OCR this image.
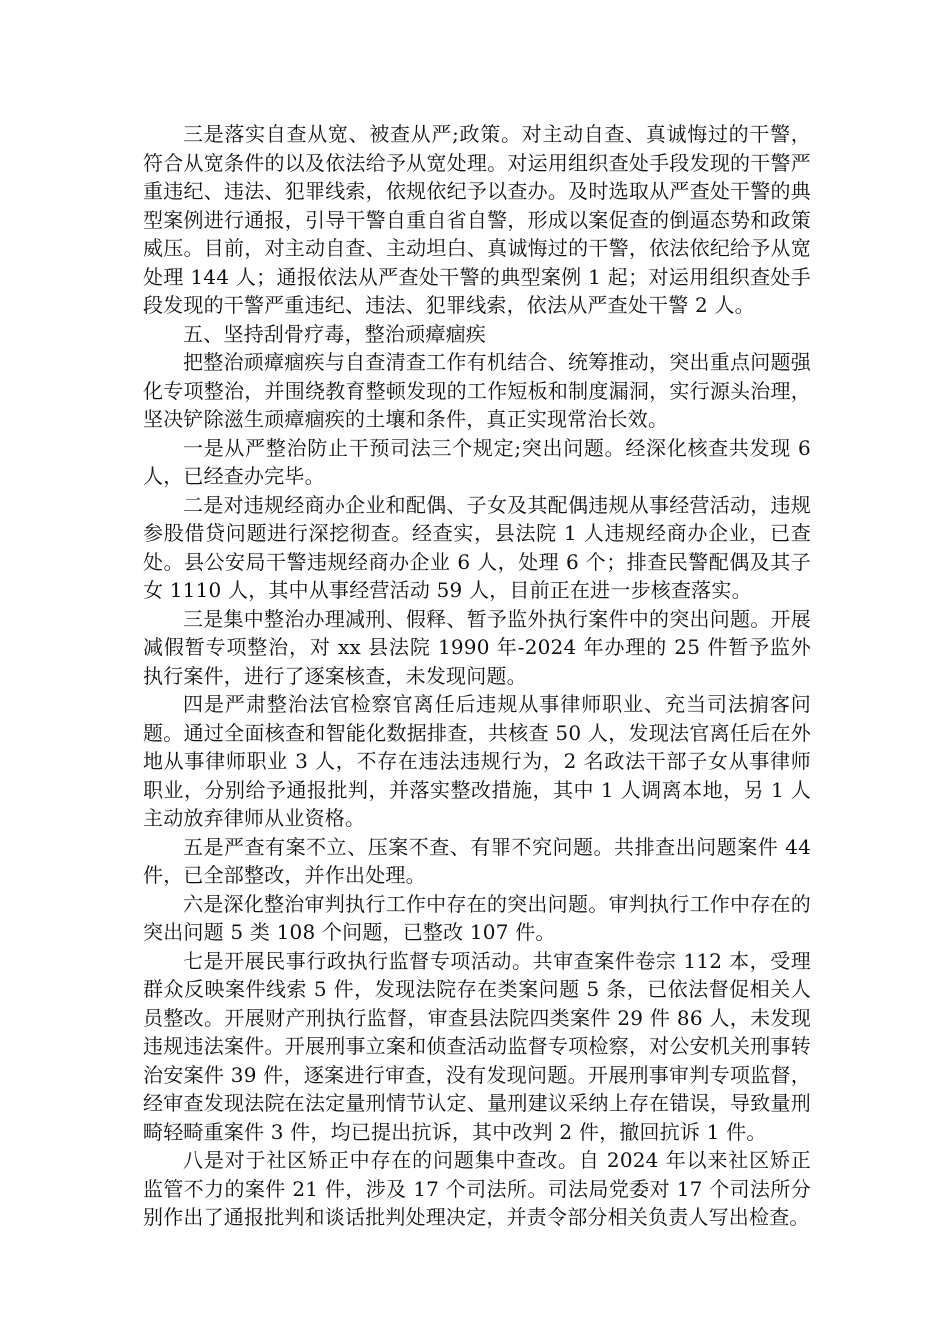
三是落实自查从宽、被查从严;政策。对主动自查、真诚悔过的干警，符合从宽条件的以及依法给予从宽处理。对运用组织查处手段发现的干警严重违纪、违法、犯罪线索，依规依纪予以查办。及时选取从严查处干警的典型案例进行通报，引导干警自重自省自警，形成以案促查的倒逼态势和政策威压。目前，对主动自查、主动坦白、真诚悔过的干警，依法依纪给予从宽处理 144 人；通报依法从严查处干警的典型案例 1 起；对运用组织查处手段发现的干警严重违纪、违法、犯罪线索，依法从严查处干警 2 人。

五、坚持刮骨疗毒，整治顽瘴痼疾

把整治顽瘴痼疾与自查清查工作有机结合、统筹推动，突出重点问题强化专项整治，并围绕教育整顿发现的工作短板和制度漏洞，实行源头治理，坚决铲除滋生顽瘴痼疾的土壤和条件，真正实现常治长效。

一是从严整治防止干预司法三个规定;突出问题。经深化核查共发现 6 人，已经查办完毕。

二是对违规经商办企业和配偶、子女及其配偶违规从事经营活动，违规参股借贷问题进行深挖彻查。经查实，县法院 1 人违规经商办企业，已查处。县公安局干警违规经商办企业 6 人，处理 6 个；排查民警配偶及其子女 1110 人，其中从事经营活动 59 人，目前正在进一步核查落实。

三是集中整治办理减刑、假释、暂予监外执行案件中的突出问题。开展减假暂专项整治，对 xx 县法院 1990 年-2024 年办理的 25 件暂予监外执行案件，进行了逐案核查，未发现问题。

四是严肃整治法官检察官离任后违规从事律师职业、充当司法掮客问题。通过全面核查和智能化数据排查，共核查 50 人，发现法官离任后在外地从事律师职业 3 人，不存在违法违规行为，2 名政法干部子女从事律师职业，分别给予通报批判，并落实整改措施，其中 1 人调离本地，另 1 人主动放弃律师从业资格。

五是严查有案不立、压案不查、有罪不究问题。共排查出问题案件 44 件，已全部整改，并作出处理。

六是深化整治审判执行工作中存在的突出问题。审判执行工作中存在的突出问题 5 类 108 个问题，已整改 107 件。

七是开展民事行政执行监督专项活动。共审查案件卷宗 112 本，受理群众反映案件线索 5 件，发现法院存在类案问题 5 条，已依法督促相关人员整改。开展财产刑执行监督，审查县法院四类案件 29 件 86 人，未发现违规违法案件。开展刑事立案和侦查活动监督专项检察，对公安机关刑事转治安案件 39 件，逐案进行审查，没有发现问题。开展刑事审判专项监督，经审查发现法院在法定量刑情节认定、量刑建议采纳上存在错误，导致量刑畸轻畸重案件 3 件，均已提出抗诉，其中改判 2 件，撤回抗诉 1 件。

八是对于社区矫正中存在的问题集中查改。自 2024 年以来社区矫正监管不力的案件 21 件，涉及 17 个司法所。司法局党委对 17 个司法所分别作出了通报批判和谈话批判处理决定，并责令部分相关负责人写出检查。
